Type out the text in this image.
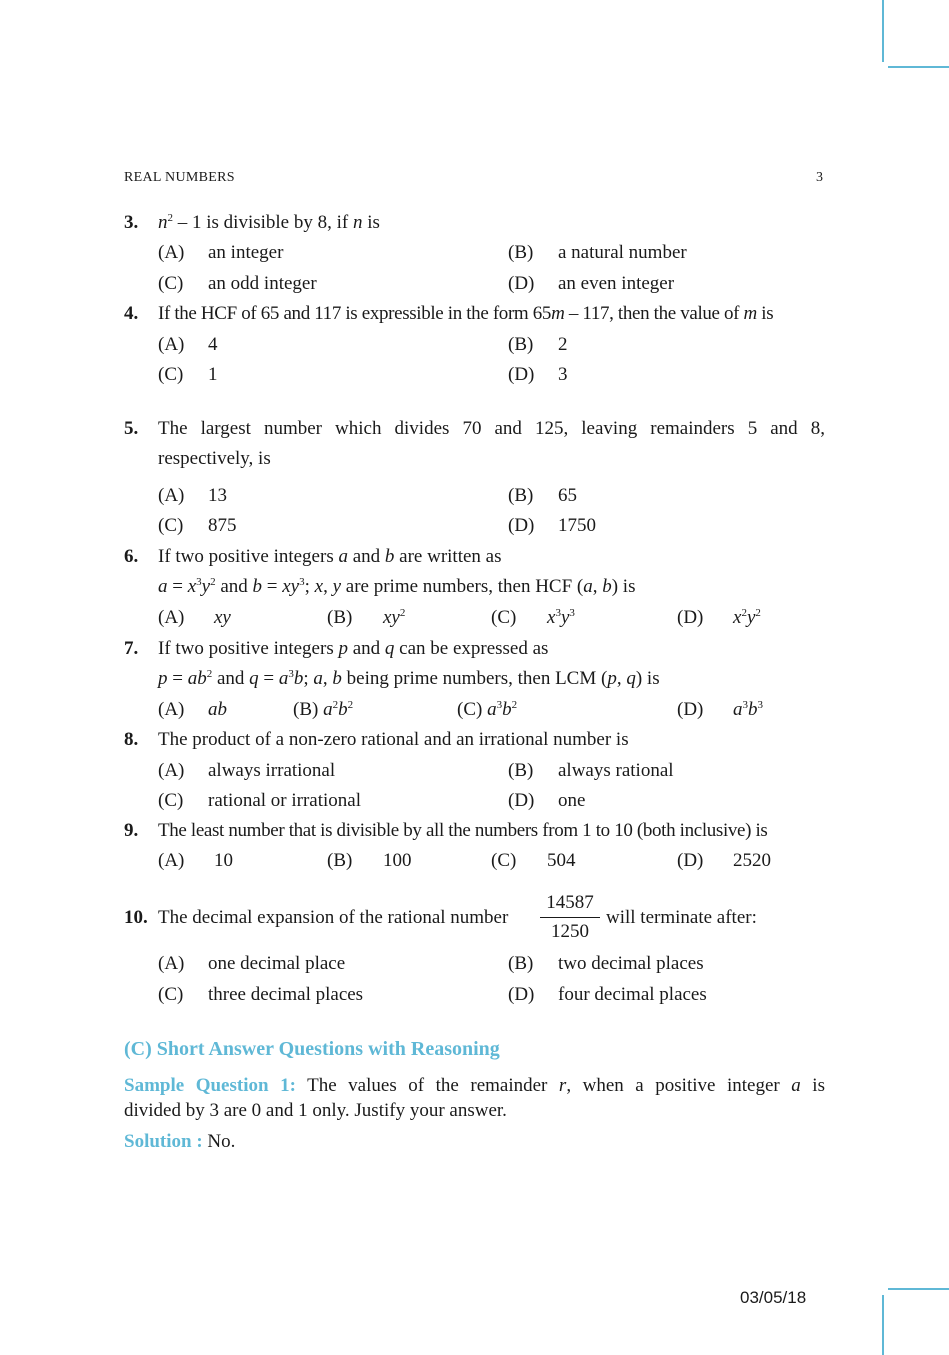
REAL NUMBERS	3
3. $n^2 - 1$ is divisible by 8, if n is
(A) an integer	(B) a natural number
(C) an odd integer	(D) an even integer
4. If the HCF of 65 and 117 is expressible in the form 65m – 117, then the value of m is
(A) 4	(B) 2
(C) 1	(D) 3
5. The largest number which divides 70 and 125, leaving remainders 5 and 8,
respectively, is
(A) 13	(B) 65
(C) 875	(D) 1750
6. If two positive integers a and b are written as
$a = x^3y^2$ and $b = xy^3$; x, y are prime numbers, then HCF (a, b) is
(A) xy	(B) $xy^2$	(C) $x^3y^3$	(D) $x^2y^2$
7. If two positive integers p and q can be expressed as
$p = ab^2$ and $q = a^3b$; a, b being prime numbers, then LCM (p, q) is
(A) ab	(B) $a^2b^2$	(C) $a^3b^2$	(D) $a^3b^3$
8. The product of a non-zero rational and an irrational number is
(A) always irrational	(B) always rational
(C) rational or irrational	(D) one
9. The least number that is divisible by all the numbers from 1 to 10 (both inclusive) is
(A) 10	(B) 100	(C) 504	(D) 2520
10. The decimal expansion of the rational number
14587
1250
will terminate after:
(A) one decimal place	(B) two decimal places
(C) three decimal places	(D) four decimal places
(C) Short Answer Questions with Reasoning
Sample Question 1: The values of the remainder r, when a positive integer a is
divided by 3 are 0 and 1 only. Justify your answer.
Solution : No.
03/05/18
